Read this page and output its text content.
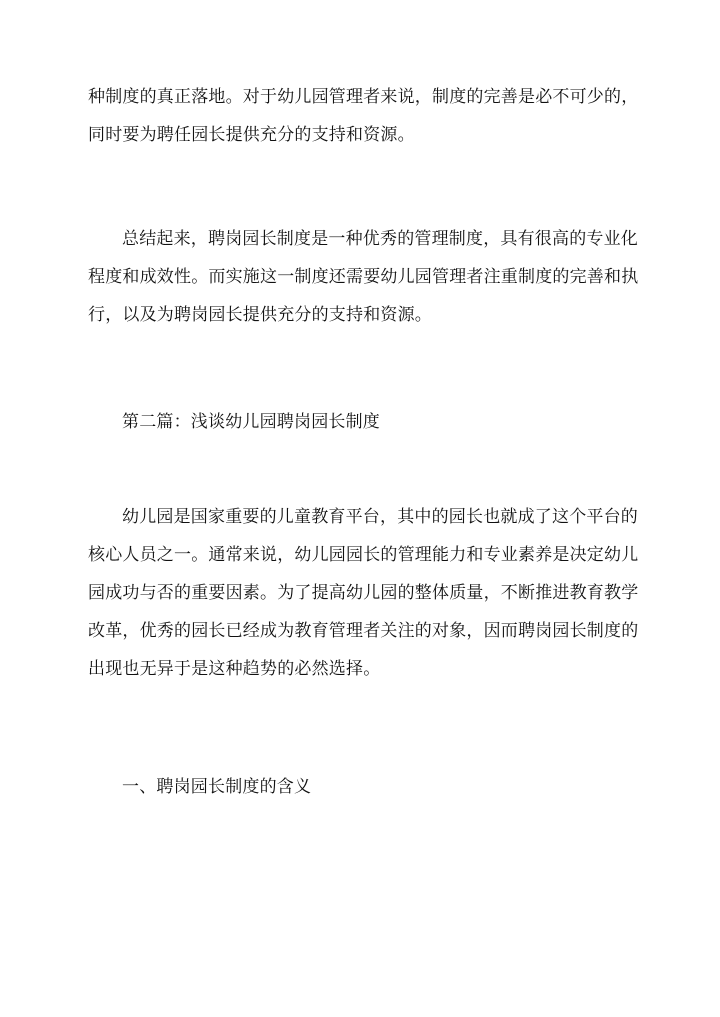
种制度的真正落地。对于幼儿园管理者来说，制度的完善是必不可少的，
同时要为聘任园长提供充分的支持和资源。
总结起来，聘岗园长制度是一种优秀的管理制度，具有很高的专业化
程度和成效性。而实施这一制度还需要幼儿园管理者注重制度的完善和执
行，以及为聘岗园长提供充分的支持和资源。
第二篇：浅谈幼儿园聘岗园长制度
幼儿园是国家重要的儿童教育平台，其中的园长也就成了这个平台的
核心人员之一。通常来说，幼儿园园长的管理能力和专业素养是决定幼儿
园成功与否的重要因素。为了提高幼儿园的整体质量，不断推进教育教学
改革，优秀的园长已经成为教育管理者关注的对象，因而聘岗园长制度的
出现也无异于是这种趋势的必然选择。
一、聘岗园长制度的含义
